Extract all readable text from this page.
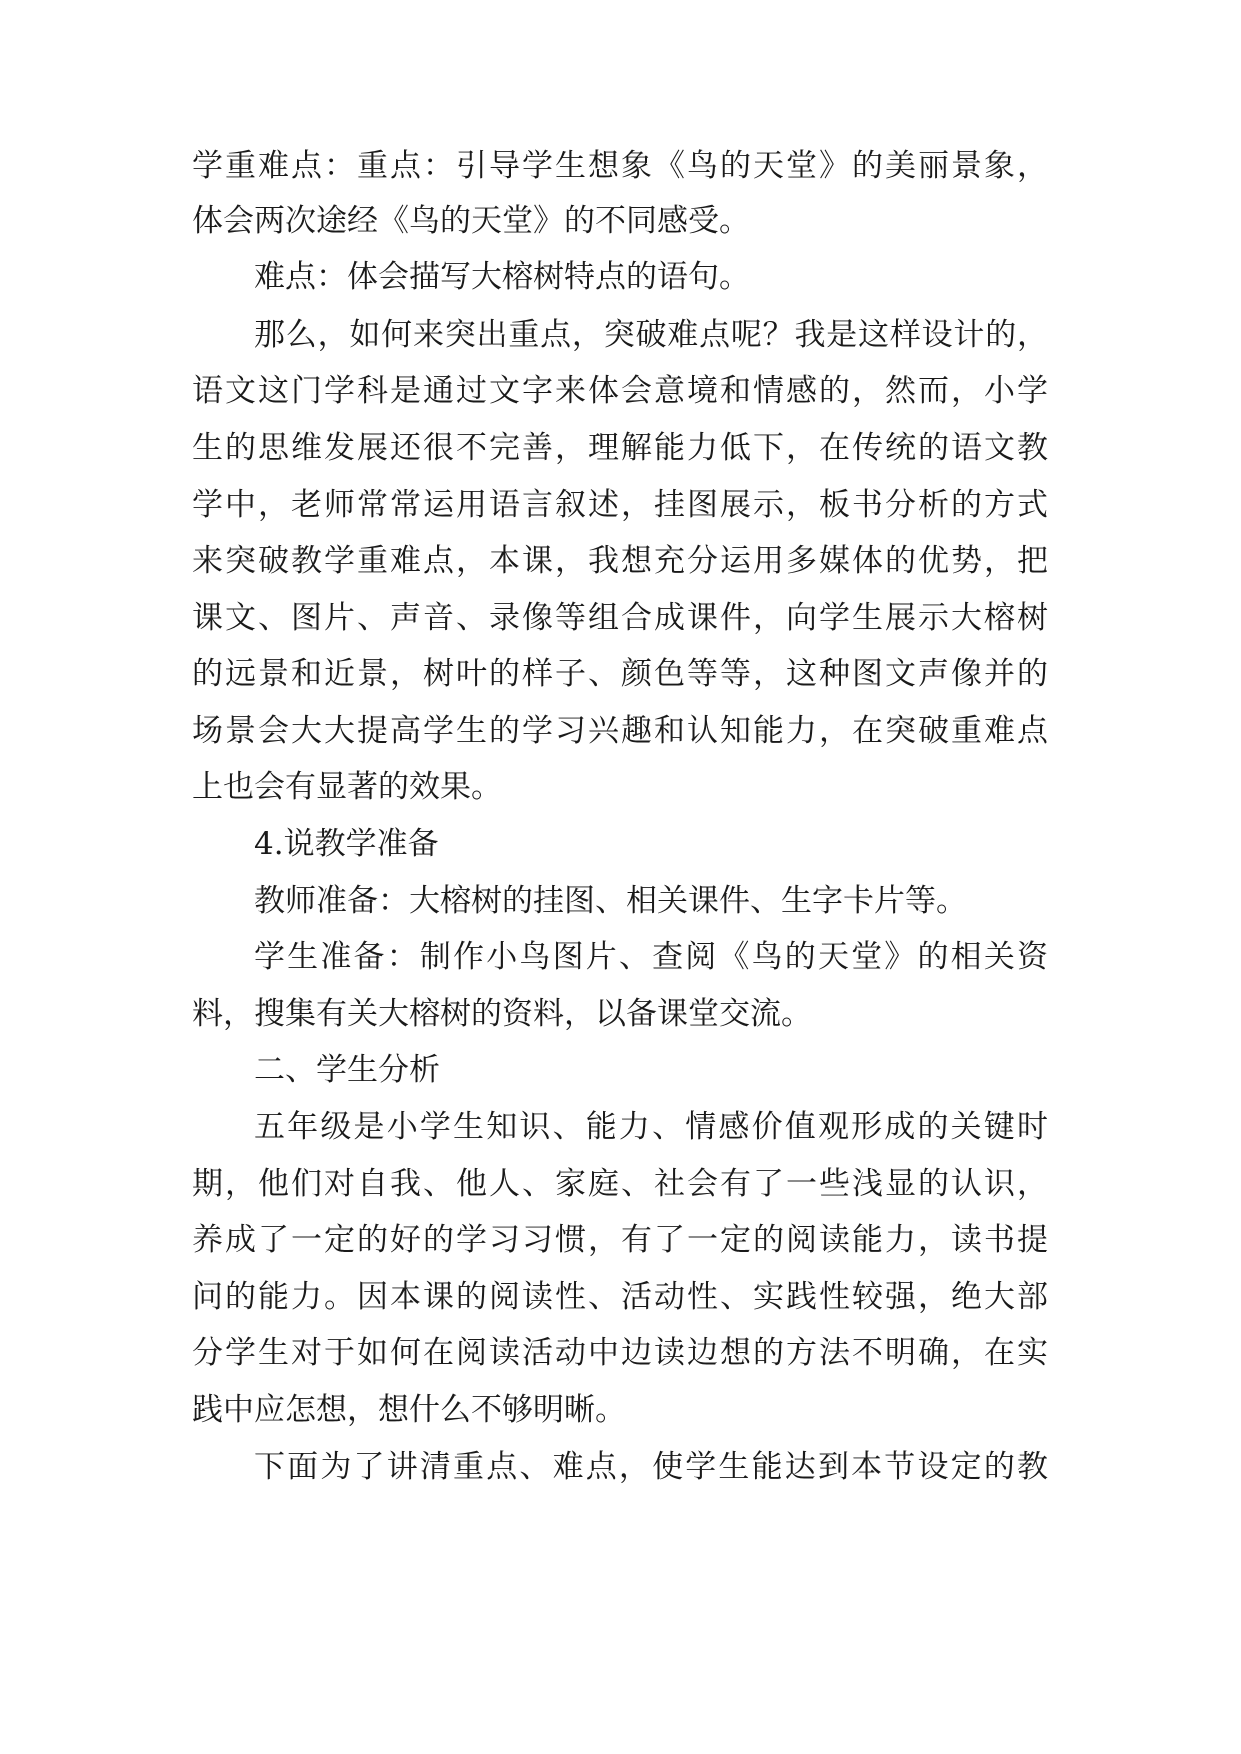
学重难点：重点：引导学生想象《鸟的天堂》的美丽景象，
体会两次途经《鸟的天堂》的不同感受。
难点：体会描写大榕树特点的语句。
那么，如何来突出重点，突破难点呢？我是这样设计的，
语文这门学科是通过文字来体会意境和情感的，然而，小学
生的思维发展还很不完善，理解能力低下，在传统的语文教
学中，老师常常运用语言叙述，挂图展示，板书分析的方式
来突破教学重难点，本课，我想充分运用多媒体的优势，把
课文、图片、声音、录像等组合成课件，向学生展示大榕树
的远景和近景，树叶的样子、颜色等等，这种图文声像并的
场景会大大提高学生的学习兴趣和认知能力，在突破重难点
上也会有显著的效果。
4.说教学准备
教师准备：大榕树的挂图、相关课件、生字卡片等。
学生准备：制作小鸟图片、查阅《鸟的天堂》的相关资
料，搜集有关大榕树的资料，以备课堂交流。
二、学生分析
五年级是小学生知识、能力、情感价值观形成的关键时
期，他们对自我、他人、家庭、社会有了一些浅显的认识，
养成了一定的好的学习习惯，有了一定的阅读能力，读书提
问的能力。因本课的阅读性、活动性、实践性较强，绝大部
分学生对于如何在阅读活动中边读边想的方法不明确，在实
践中应怎想，想什么不够明晰。
下面为了讲清重点、难点，使学生能达到本节设定的教
